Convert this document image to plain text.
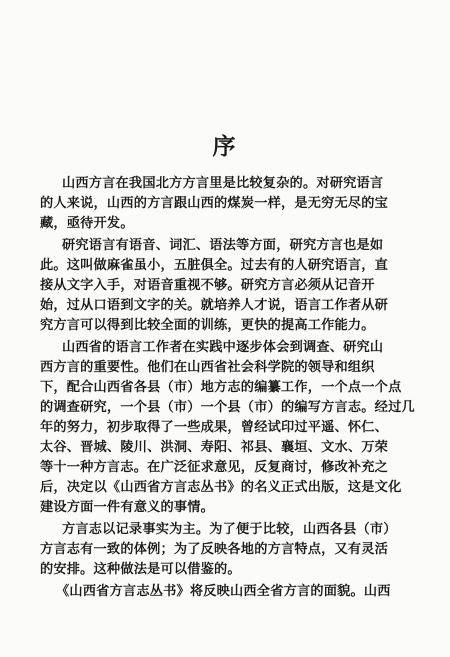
序
山西方言在我国北方方言里是比较复杂的。对研究语言
的人来说，山西的方言跟山西的煤炭一样，是无穷无尽的宝
藏，亟待开发。
研究语言有语音、词汇、语法等方面，研究方言也是如
此。这叫做麻雀虽小，五脏俱全。过去有的人研究语言，直
接从文字入手，对语音重视不够。研究方言必须从记音开
始，过从口语到文字的关。就培养人才说，语言工作者从研
究方言可以得到比较全面的训练，更快的提高工作能力。
山西省的语言工作者在实践中逐步体会到调查、研究山
西方言的重要性。他们在山西省社会科学院的领导和组织
下，配合山西省各县（市）地方志的编纂工作，一个点一个点
的调查研究，一个县（市）一个县（市）的编写方言志。经过几
年的努力，初步取得了一些成果，曾经试印过平遥、怀仁、
太谷、晋城、陵川、洪洞、寿阳、祁县、襄垣、文水、万荣
等十一种方言志。在广泛征求意见，反复商讨，修改补充之
后，决定以《山西省方言志丛书》的名义正式出版，这是文化
建设方面一件有意义的事情。
方言志以记录事实为主。为了便于比较，山西各县（市）
方言志有一致的体例；为了反映各地的方言特点，又有灵活
的安排。这种做法是可以借鉴的。
《山西省方言志丛书》将反映山西全省方言的面貌。山西
